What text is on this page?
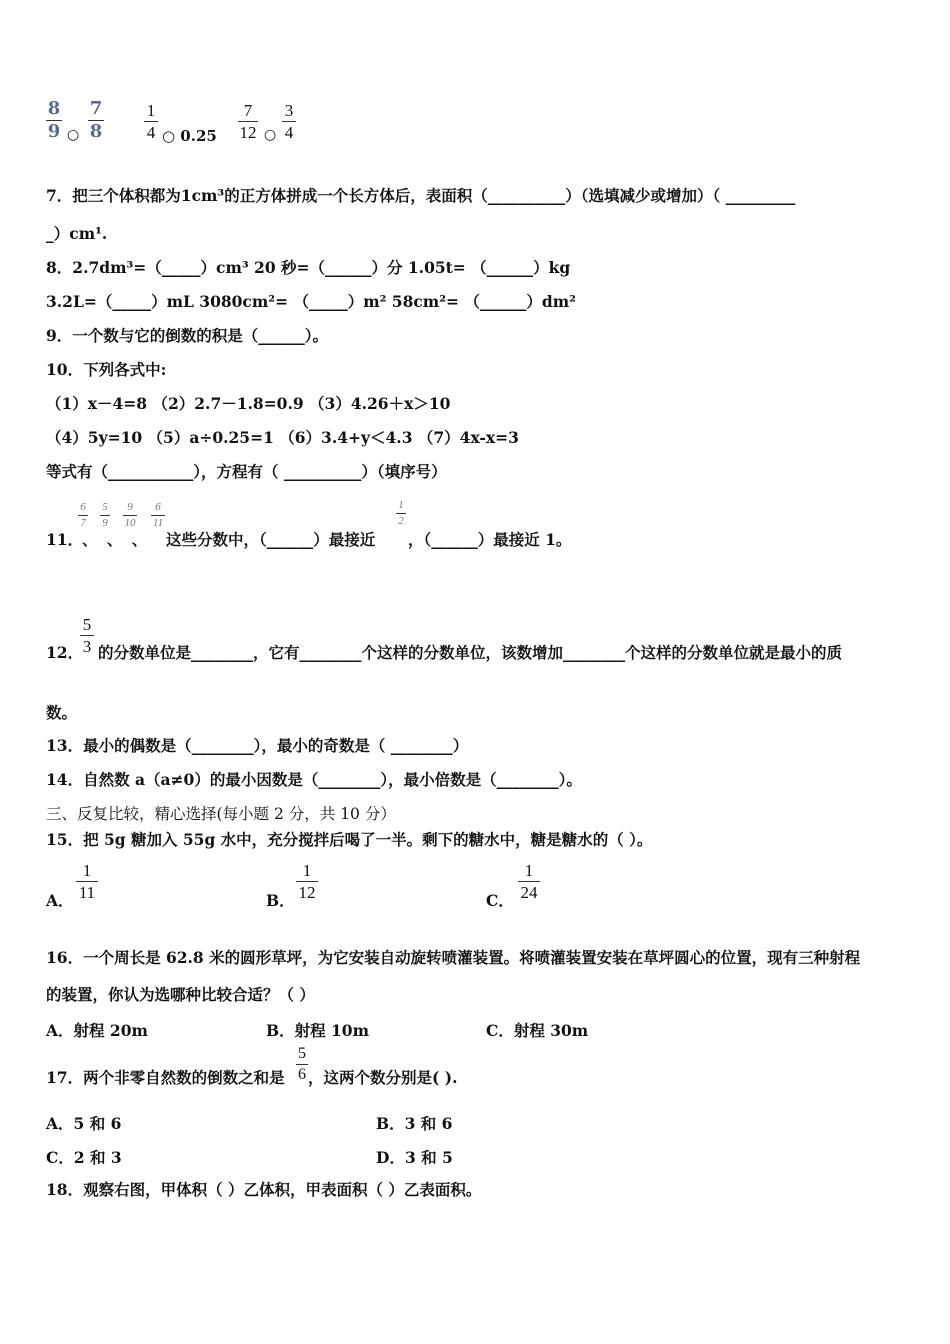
8
9 ○
7
8
1
4 ○ 0.25
7
12 ○
3
4
7．把三个体积都为1cm³的正方体拼成一个长方体后，表面积（__________）（选填减少或增加）（ _________
_）cm¹.
8．2.7dm³=（_____）cm³ 20 秒=（______）分 1.05t= （______）kg
3.2L=（_____）mL 3080cm²= （_____）m² 58cm²= （______）dm²
9．一个数与它的倒数的积是（______）。
10．下列各式中:
（1）x－4=8 （2）2.7－1.8=0.9 （3）4.26＋x＞10
（4）5y=10 （5）a÷0.25=1 （6）3.4+y＜4.3 （7）4x-x=3
等式有（___________），方程有（ __________）（填序号）
11．
6
7
5
9
9
10
6
11
、 、 、 这些分数中，（______）最接近
1
2
，（______）最接近 1。
12．
5
3 的分数单位是________，它有________个这样的分数单位，该数增加________个这样的分数单位就是最小的质
数。
13．最小的偶数是（________），最小的奇数是（ ________）
14．自然数 a（a≠0）的最小因数是（________），最小倍数是（________）。
三、反复比较，精心选择(每小题 2 分，共 10 分）
15．把 5g 糖加入 55g 水中，充分搅拌后喝了一半。剩下的糖水中，糖是糖水的（ ）。
A．
1
11	B．
1
12	C．
1
24
16．一个周长是 62.8 米的圆形草坪，为它安装自动旋转喷灌装置。将喷灌装置安装在草坪圆心的位置，现有三种射程
的装置，你认为选哪种比较合适？（ ）
A．射程 20m	B．射程 10m	C．射程 30m
17．两个非零自然数的倒数之和是
5
6 ，这两个数分别是( ).
A．5 和 6	B．3 和 6
C．2 和 3	D．3 和 5
18．观察右图，甲体积（ ）乙体积，甲表面积（ ）乙表面积。
